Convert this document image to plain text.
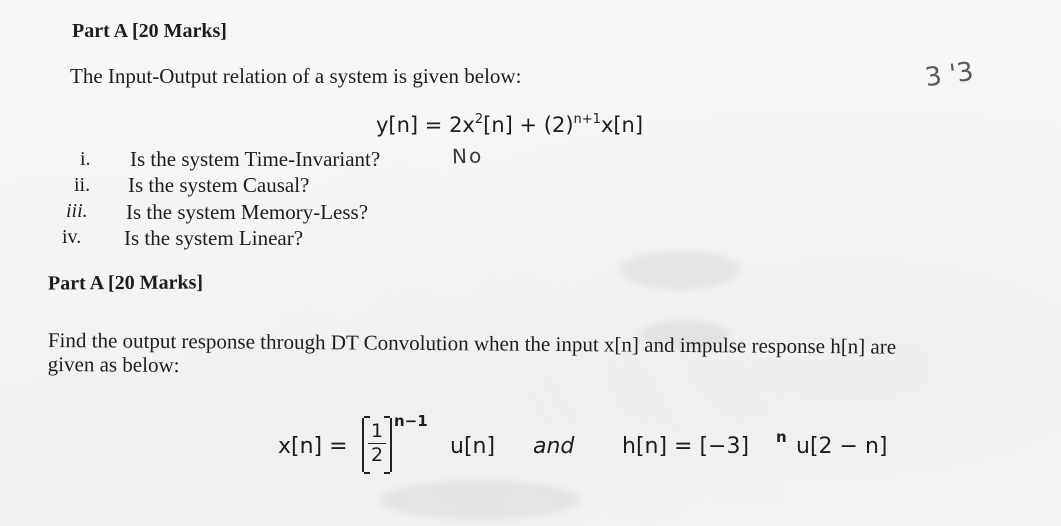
Part A [20 Marks]
The Input-Output relation of a system is given below:
$y[n] = 2x^2[n] + (2)^{n+1}x[n]$
i. Is the system Time-Invariant?
ii. Is the system Causal?
iii. Is the system Memory-Less?
iv. Is the system Linear?
No
3 '3
Part A [20 Marks]
Find the output response through DT Convolution when the input x[n] and impulse response h[n] are
given as below:
$x[n] = \frac{1}{2} n-1$
u[n] and h[n] = [−3] n u[2 − n]
